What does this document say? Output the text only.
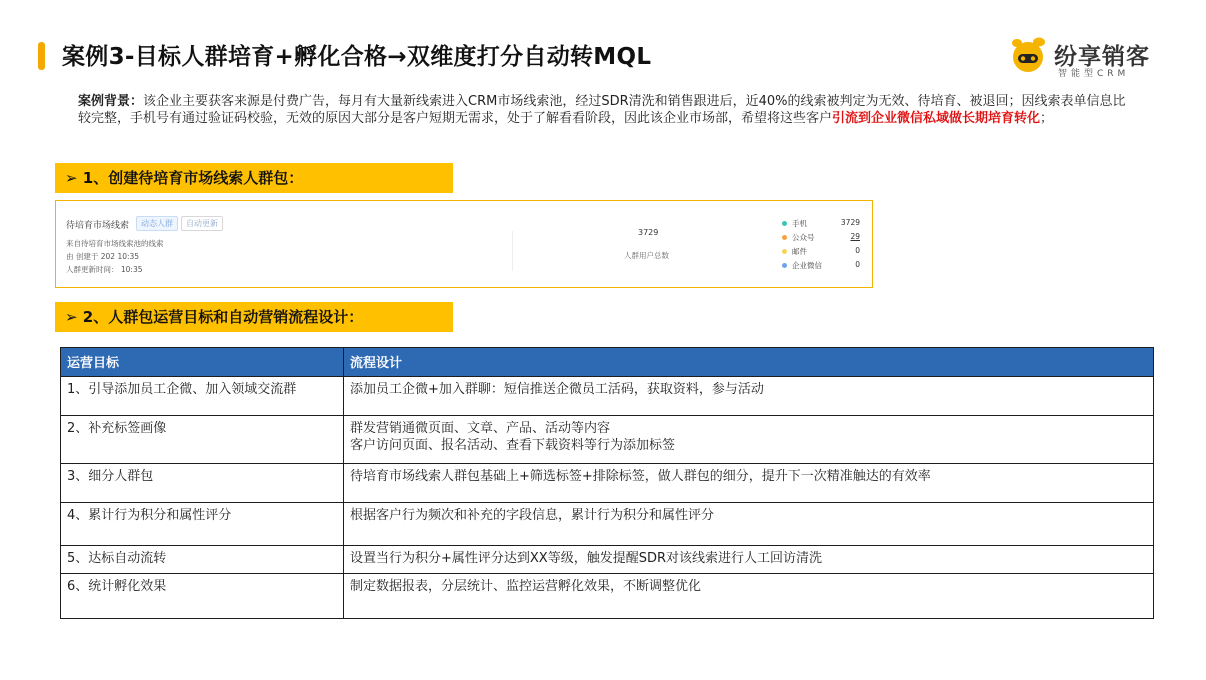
案例3-目标人群培育+孵化合格→双维度打分自动转MQL	纷享销客
智能型CRM
案例背景：该企业主要获客来源是付费广告，每月有大量新线索进入CRM市场线索池，经过SDR清洗和销售跟进后，近40%的线索被判定为无效、待培育、被退回；因线索表单信息比较完整，手机号有通过验证码校验，无效的原因大部分是客户短期无需求，处于了解看看阶段，因此该企业市场部，希望将这些客户引流到企业微信私域做长期培育转化；
➢ 1、创建待培育市场线索人群包：
待培育市场线索	动态人群	自动更新
来自待培育市场线索池的线索
由 创建于 202 10:35
人群更新时间： 10:35
3729
人群用户总数
手机	3729
公众号	29
邮件	0
企业微信	0
➢ 2、人群包运营目标和自动营销流程设计：
运营目标	流程设计
1、引导添加员工企微、加入领域交流群	添加员工企微+加入群聊：短信推送企微员工活码，获取资料，参与活动

2、补充标签画像	群发营销通微页面、文章、产品、活动等内容
客户访问页面、报名活动、查看下载资料等行为添加标签

3、细分人群包	待培育市场线索人群包基础上+筛选标签+排除标签，做人群包的细分，提升下一次精准触达的有效率

4、累计行为积分和属性评分	根据客户行为频次和补充的字段信息，累计行为积分和属性评分

5、达标自动流转	设置当行为积分+属性评分达到XX等级，触发提醒SDR对该线索进行人工回访清洗

6、统计孵化效果	制定数据报表，分层统计、监控运营孵化效果，不断调整优化
